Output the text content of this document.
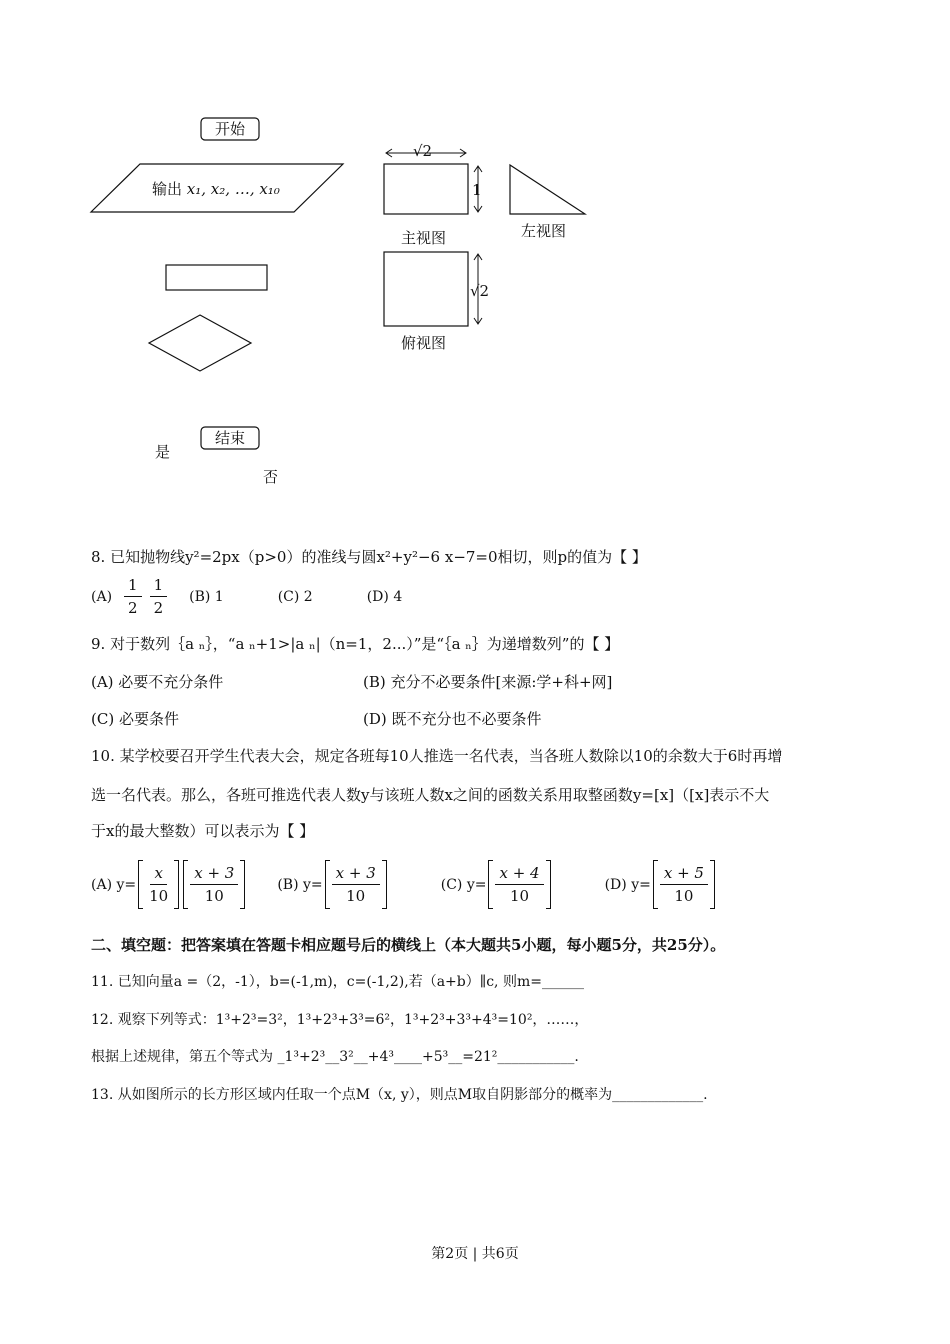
开始
输出 x₁, x₂, …, x₁₀
结束
是
否
√2
1
√2
主视图	左视图
俯视图
8. 已知抛物线y²=2px（p>0）的准线与圆x²+y²−6 x−7=0相切，则p的值为【 】
$(A) \frac{1}{2} \frac{1}{2} (B)$ 1	(C) 2	(D) 4
9. 对于数列｛a ₙ｝，“a ₙ+1>|a ₙ|（n=1，2...）”是“｛a ₙ｝为递增数列”的【 】
(A) 必要不充分条件	(B) 充分不必要条件[来源:学+科+网]
(C) 必要条件	(D) 既不充分也不必要条件
10. 某学校要召开学生代表大会，规定各班每10人推选一名代表，当各班人数除以10的余数大于6时再增
选一名代表。那么，各班可推选代表人数y与该班人数x之间的函数关系用取整函数y=[x]（[x]表示不大
于x的最大整数）可以表示为【 】
(A) $y= \frac{x}{10} \frac{x + 3}{10}$	(B) $y= \frac{x + 3}{10}$	(C) $y= \frac{x + 4}{10}$	(D) $y= \frac{x + 5}{10}$
二、填空题：把答案填在答题卡相应题号后的横线上（本大题共5小题，每小题5分，共25分）。
11. 已知向量a =（2，-1），b=(-1,m)，c=(-1,2),若（a+b）∥c, 则m=______
12. 观察下列等式：1³+2³=3²，1³+2³+3³=6²，1³+2³+3³+4³=10²，……，
根据上述规律，第五个等式为 _1³+2³__3²__+4³____+5³__=21²___________.
13. 从如图所示的长方形区域内任取一个点M（x, y），则点M取自阴影部分的概率为_____________.
第2页 | 共6页
